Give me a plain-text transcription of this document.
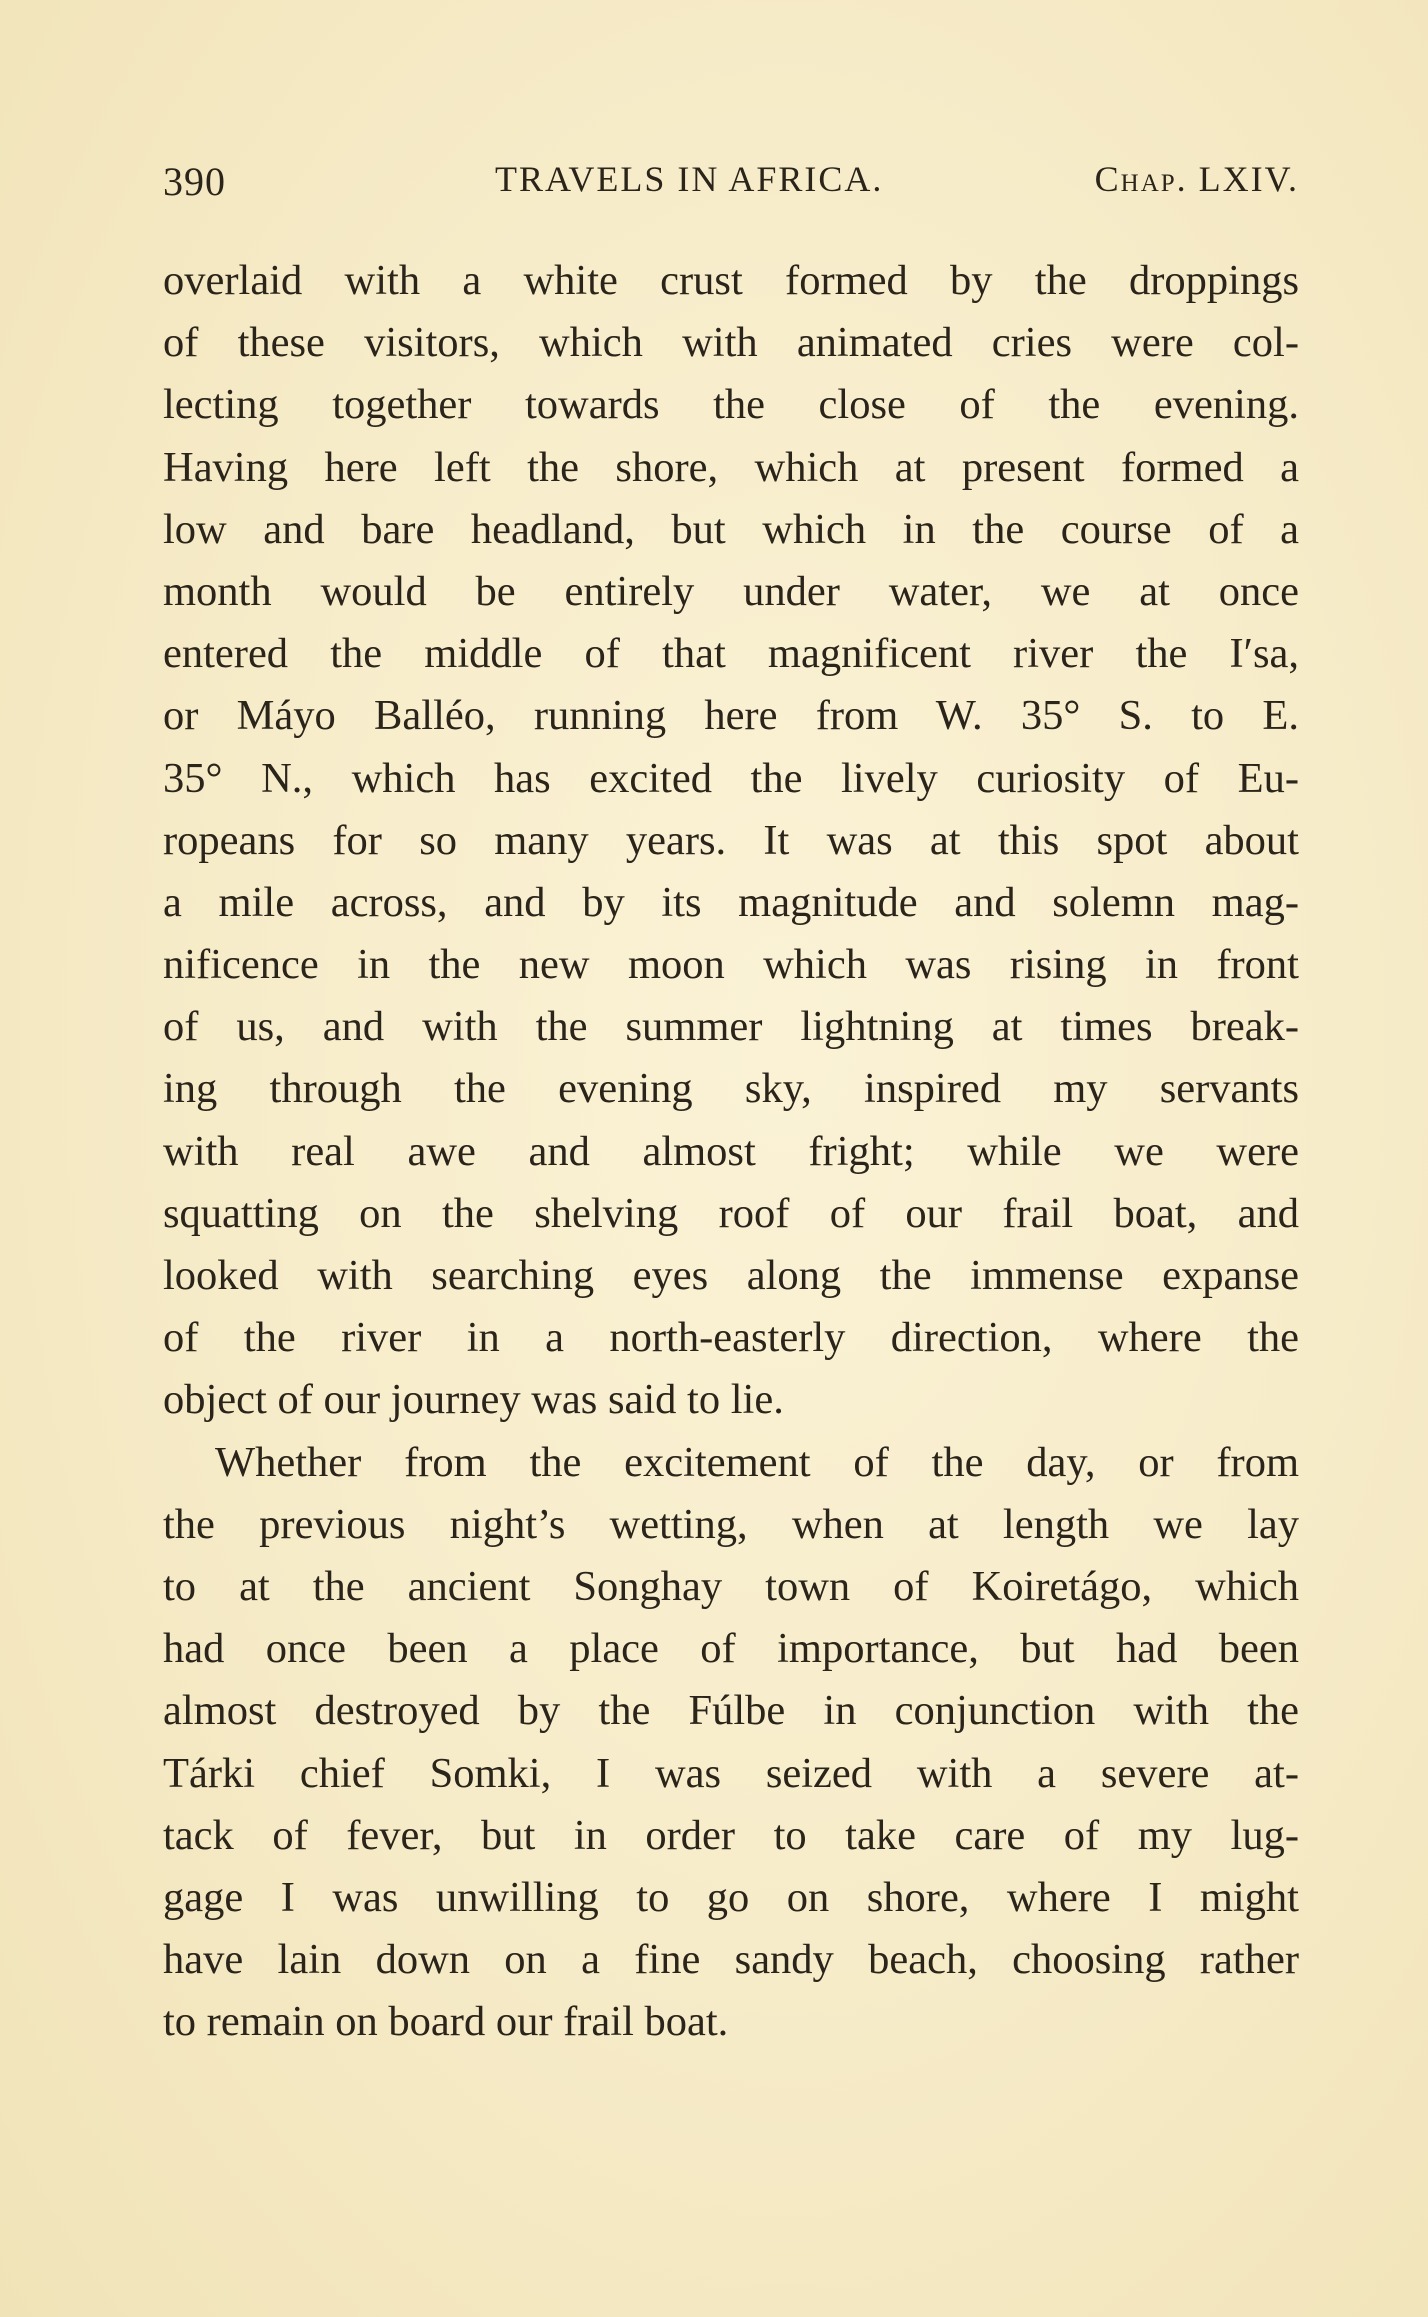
390	TRAVELS IN AFRICA.	Chap. LXIV.
overlaid with a white crust formed by the droppings
of these visitors, which with animated cries were col-
lecting together towards the close of the evening.
Having here left the shore, which at present formed a
low and bare headland, but which in the course of a
month would be entirely under water, we at once
entered the middle of that magnificent river the I′sa,
or Máyo Balléo, running here from W. 35° S. to E.
35° N., which has excited the lively curiosity of Eu-
ropeans for so many years. It was at this spot about
a mile across, and by its magnitude and solemn mag-
nificence in the new moon which was rising in front
of us, and with the summer lightning at times break-
ing through the evening sky, inspired my servants
with real awe and almost fright; while we were
squatting on the shelving roof of our frail boat, and
looked with searching eyes along the immense expanse
of the river in a north-easterly direction, where the
object of our journey was said to lie.
Whether from the excitement of the day, or from
the previous night’s wetting, when at length we lay
to at the ancient Songhay town of Koiretágo, which
had once been a place of importance, but had been
almost destroyed by the Fúlbe in conjunction with the
Tárki chief Somki, I was seized with a severe at-
tack of fever, but in order to take care of my lug-
gage I was unwilling to go on shore, where I might
have lain down on a fine sandy beach, choosing rather
to remain on board our frail boat.
